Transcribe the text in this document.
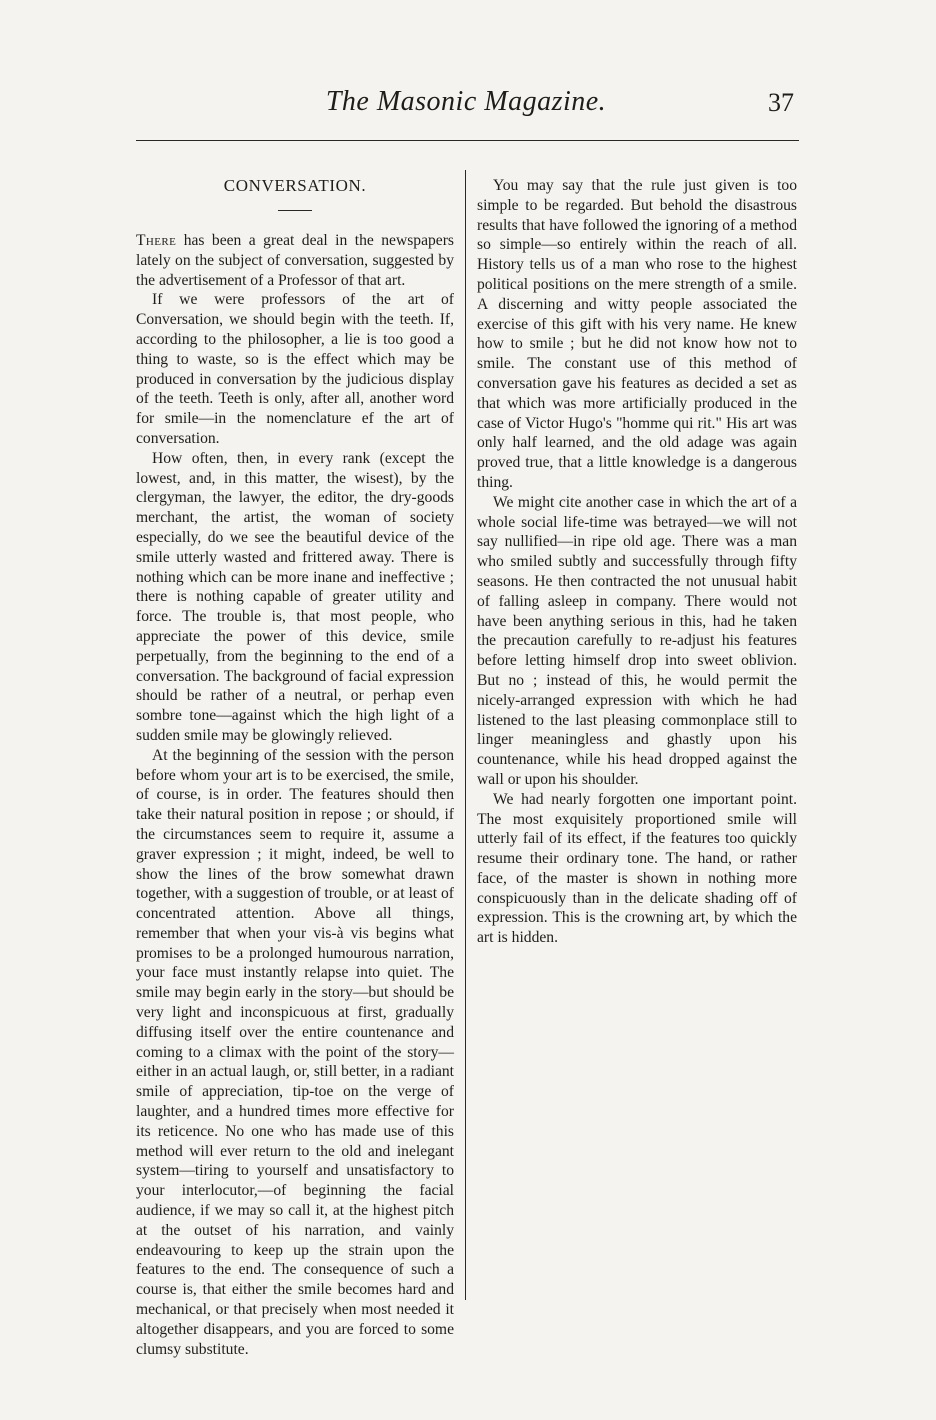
The Masonic Magazine.	37
CONVERSATION.

There has been a great deal in the newspapers lately on the subject of conversation, suggested by the advertisement of a Professor of that art.

If we were professors of the art of Conversation, we should begin with the teeth. If, according to the philosopher, a lie is too good a thing to waste, so is the effect which may be produced in conversation by the judicious display of the teeth. Teeth is only, after all, another word for smile—in the nomenclature ef the art of conversation.

How often, then, in every rank (except the lowest, and, in this matter, the wisest), by the clergyman, the lawyer, the editor, the dry-goods merchant, the artist, the woman of society especially, do we see the beautiful device of the smile utterly wasted and frittered away. There is nothing which can be more inane and ineffective ; there is nothing capable of greater utility and force. The trouble is, that most people, who appreciate the power of this device, smile perpetually, from the beginning to the end of a conversation. The background of facial expression should be rather of a neutral, or perhap even sombre tone—against which the high light of a sudden smile may be glowingly relieved.

At the beginning of the session with the person before whom your art is to be exercised, the smile, of course, is in order. The features should then take their natural position in repose ; or should, if the circumstances seem to require it, assume a graver expression ; it might, indeed, be well to show the lines of the brow somewhat drawn together, with a suggestion of trouble, or at least of concentrated attention. Above all things, remember that when your vis-à vis begins what promises to be a prolonged humourous narration, your face must instantly relapse into quiet. The smile may begin early in the story—but should be very light and inconspicuous at first, gradually diffusing itself over the entire countenance and coming to a climax with the point of the story—either in an actual laugh, or, still better, in a radiant smile of appreciation, tip-toe on the verge of laughter, and a hundred times more effective for its reticence. No one who has made use of this method will ever return to the old and inelegant system—tiring to yourself and unsatisfactory to your interlocutor,—of beginning the facial audience, if we may so call it, at the highest pitch at the outset of his narration, and vainly endeavouring to keep up the strain upon the features to the end. The consequence of such a course is, that either the smile becomes hard and mechanical, or that precisely when most needed it altogether disappears, and you are forced to some clumsy substitute.

You may say that the rule just given is too simple to be regarded. But behold the disastrous results that have followed the ignoring of a method so simple—so entirely within the reach of all. History tells us of a man who rose to the highest political positions on the mere strength of a smile. A discerning and witty people associated the exercise of this gift with his very name. He knew how to smile ; but he did not know how not to smile. The constant use of this method of conversation gave his features as decided a set as that which was more artificially produced in the case of Victor Hugo's "homme qui rit." His art was only half learned, and the old adage was again proved true, that a little knowledge is a dangerous thing.

We might cite another case in which the art of a whole social life-time was betrayed—we will not say nullified—in ripe old age. There was a man who smiled subtly and successfully through fifty seasons. He then contracted the not unusual habit of falling asleep in company. There would not have been anything serious in this, had he taken the precaution carefully to re-adjust his features before letting himself drop into sweet oblivion. But no ; instead of this, he would permit the nicely-arranged expression with which he had listened to the last pleasing commonplace still to linger meaningless and ghastly upon his countenance, while his head dropped against the wall or upon his shoulder.

We had nearly forgotten one important point. The most exquisitely proportioned smile will utterly fail of its effect, if the features too quickly resume their ordinary tone. The hand, or rather face, of the master is shown in nothing more conspicuously than in the delicate shading off of expression. This is the crowning art, by which the art is hidden.
